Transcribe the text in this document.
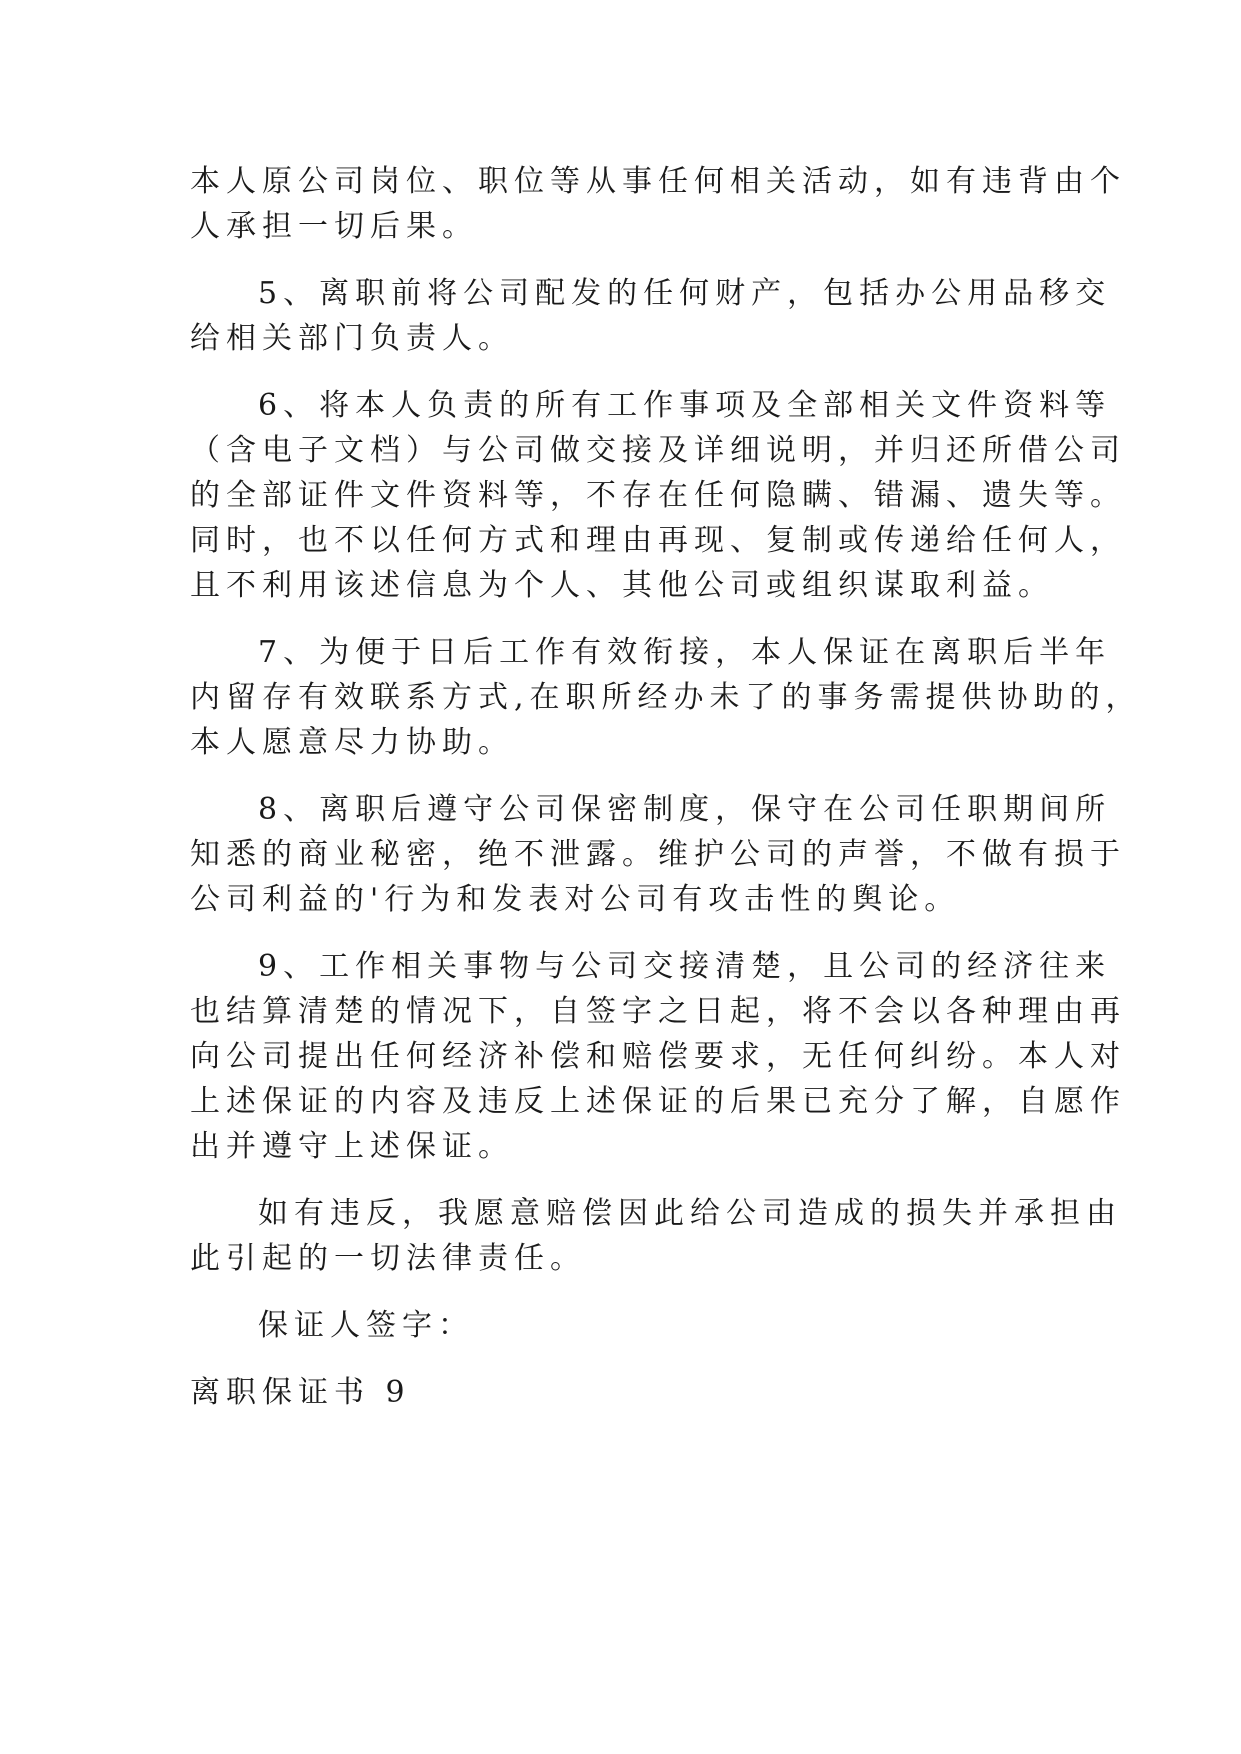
本人原公司岗位、职位等从事任何相关活动，如有违背由个
人承担一切后果。
5、离职前将公司配发的任何财产，包括办公用品移交
给相关部门负责人。
6、将本人负责的所有工作事项及全部相关文件资料等
（含电子文档）与公司做交接及详细说明，并归还所借公司
的全部证件文件资料等，不存在任何隐瞒、错漏、遗失等。
同时，也不以任何方式和理由再现、复制或传递给任何人，
且不利用该述信息为个人、其他公司或组织谋取利益。
7、为便于日后工作有效衔接，本人保证在离职后半年
内留存有效联系方式,在职所经办未了的事务需提供协助的，
本人愿意尽力协助。
8、离职后遵守公司保密制度，保守在公司任职期间所
知悉的商业秘密，绝不泄露。维护公司的声誉，不做有损于
公司利益的'行为和发表对公司有攻击性的舆论。
9、工作相关事物与公司交接清楚，且公司的经济往来
也结算清楚的情况下，自签字之日起，将不会以各种理由再
向公司提出任何经济补偿和赔偿要求，无任何纠纷。本人对
上述保证的内容及违反上述保证的后果已充分了解，自愿作
出并遵守上述保证。
如有违反，我愿意赔偿因此给公司造成的损失并承担由
此引起的一切法律责任。
保证人签字：
离职保证书 9
